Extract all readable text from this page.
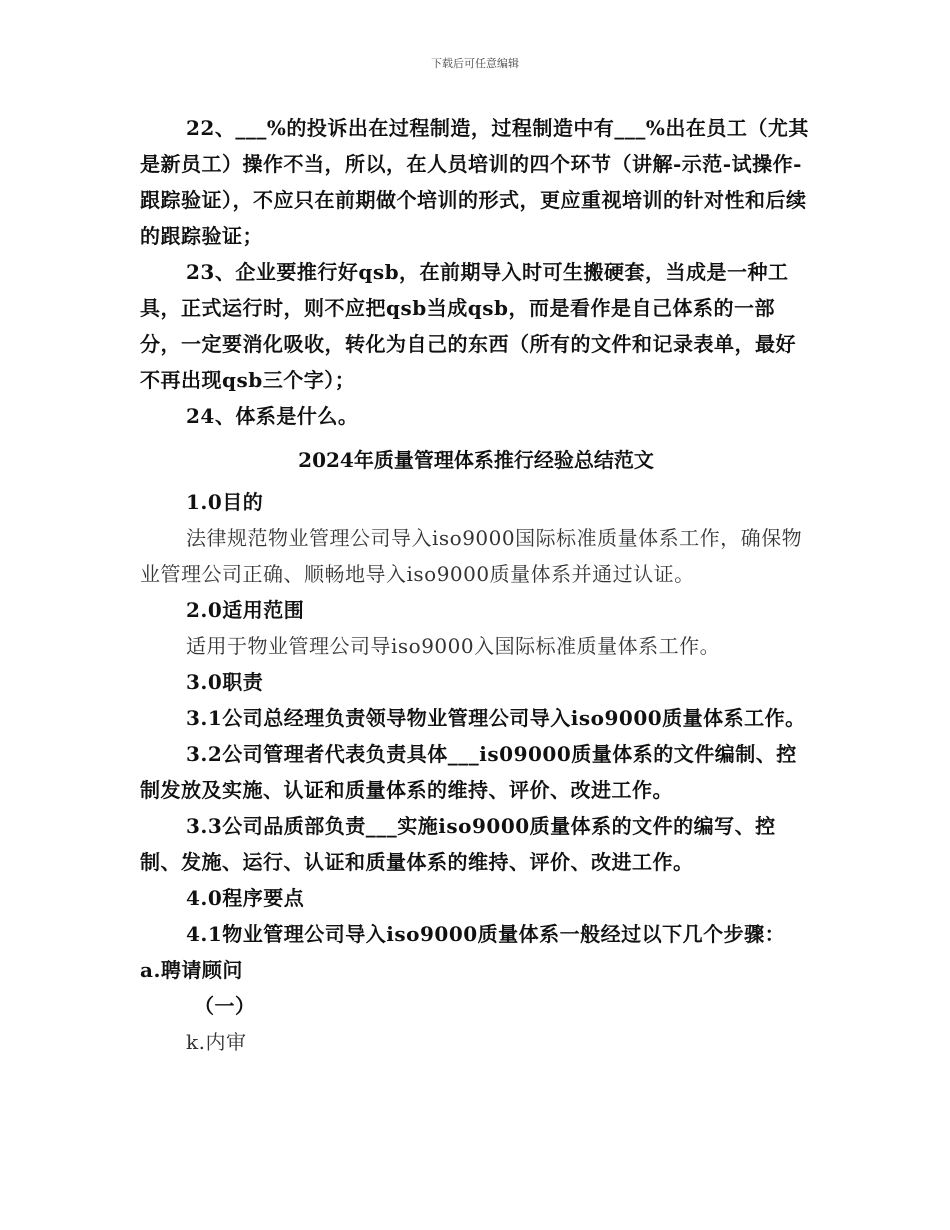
下载后可任意编辑

22、___%的投诉出在过程制造，过程制造中有___%出在员工（尤其是新员工）操作不当，所以，在人员培训的四个环节（讲解-示范-试操作-跟踪验证），不应只在前期做个培训的形式，更应重视培训的针对性和后续的跟踪验证；

23、企业要推行好qsb，在前期导入时可生搬硬套，当成是一种工具，正式运行时，则不应把qsb当成qsb，而是看作是自己体系的一部分，一定要消化吸收，转化为自己的东西（所有的文件和记录表单，最好不再出现qsb三个字）；

24、体系是什么。

2024年质量管理体系推行经验总结范文

1.0目的

法律规范物业管理公司导入iso9000国际标准质量体系工作，确保物业管理公司正确、顺畅地导入iso9000质量体系并通过认证。

2.0适用范围

适用于物业管理公司导iso9000入国际标准质量体系工作。

3.0职责

3.1公司总经理负责领导物业管理公司导入iso9000质量体系工作。

3.2公司管理者代表负责具体___is09000质量体系的文件编制、控制发放及实施、认证和质量体系的维持、评价、改进工作。

3.3公司品质部负责___实施iso9000质量体系的文件的编写、控制、发施、运行、认证和质量体系的维持、评价、改进工作。

4.0程序要点

4.1物业管理公司导入iso9000质量体系一般经过以下几个步骤：

a.聘请顾问

（一）

k.内审
